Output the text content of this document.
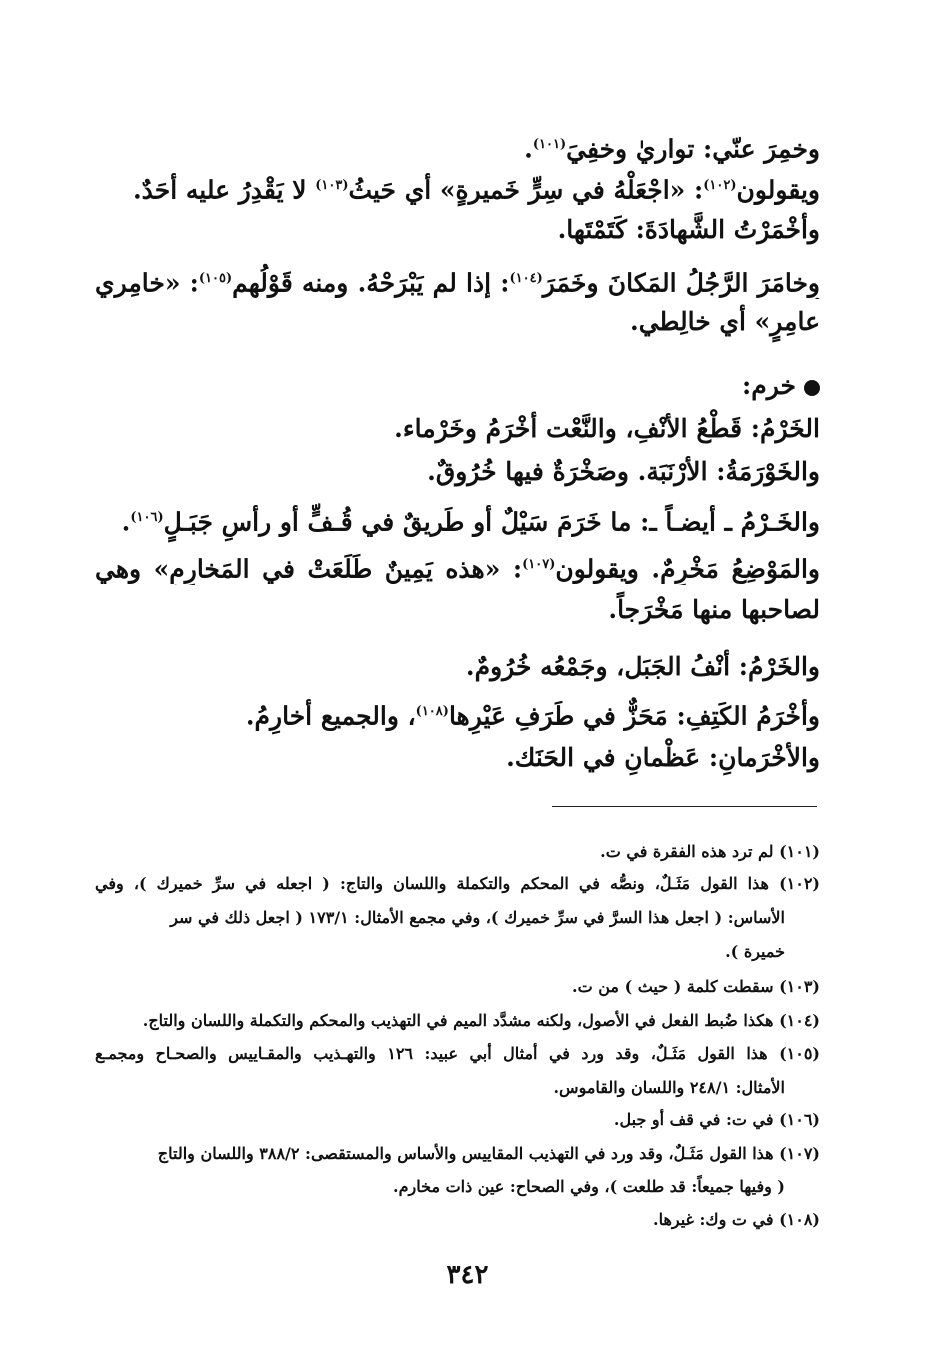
وخمِرَ عنّي: تواريٰ وخفِيَ$^{(١٠١)}$.
ويقولون$^{(١٠٢)}$: «اجْعَلْهُ في سِرٍّ خَميرةٍ» أي حَيثُ$^{(١٠٣)}$ لا يَقْدِرُ عليه أحَدٌ.
وأخْمَرْتُ الشَّهادَةَ: كَتَمْتَها.
وخامَرَ الرَّجُلُ المَكانَ وخَمَرَ$^{(١٠٤)}$: إذا لم يَبْرَحْهُ. ومنه قَوْلُهم$^{(١٠٥)}$: «خامِري
عامِرٍ» أي خالِطي.
خرم:
الخَرْمُ: قَطْعُ الأنْفِ، والنَّعْت أخْرَمُ وخَرْماء.
والخَوْرَمَةُ: الأرْنَبَة. وصَخْرَةٌ فيها خُرُوقٌ.
والخَـرْمُ ـ أيضـاً ـ: ما خَرَمَ سَيْلٌ أو طَريقٌ في قُـفٍّ أو رأسِ جَبَـلٍ$^{(١٠٦)}$.
والمَوْضِعُ مَخْرِمٌ. ويقولون$^{(١٠٧)}$: «هذه يَمِينٌ طَلَعَتْ في المَخارِمِ» وهي
لصاحبها منها مَخْرَجاً.
والخَرْمُ: أنْفُ الجَبَل، وجَمْعُه خُرُومٌ.
وأخْرَمُ الكَتِفِ: مَحَزٌّ في طَرَفِ عَيْرِها$^{(١٠٨)}$، والجميع أخارِمُ.
والأخْرَمانِ: عَظْمانِ في الحَنَك.
(١٠١) لم ترد هذه الفقرة في ت.
(١٠٢) هذا القول مَثَـلٌ، ونصُّه في المحكم والتكملة واللسان والتاج: ( اجعله في سرِّ خميرك )، وفي
الأساس: ( اجعل هذا السرَّ في سرِّ خميرك )، وفي مجمع الأمثال: ١٧٣/١ ( اجعل ذلك في سر
خميرة ).
(١٠٣) سقطت كلمة ( حيث ) من ت.
(١٠٤) هكذا ضُبط الفعل في الأصول، ولكنه مشدَّد الميم في التهذيب والمحكم والتكملة واللسان والتاج.
(١٠٥) هذا القول مَثَـلٌ، وقد ورد في أمثال أبي عبيد: ١٢٦ والتهـذيب والمقـاييس والصحـاح ومجمـع
الأمثال: ٢٤٨/١ واللسان والقاموس.
(١٠٦) في ت: في قف أو جبل.
(١٠٧) هذا القول مَثَـلٌ، وقد ورد في التهذيب المقاييس والأساس والمستقصى: ٣٨٨/٢ واللسان والتاج
( وفيها جميعاً: قد طلعت )، وفي الصحاح: عين ذات مخارم.
(١٠٨) في ت وك: غيرها.
٣٤٢
